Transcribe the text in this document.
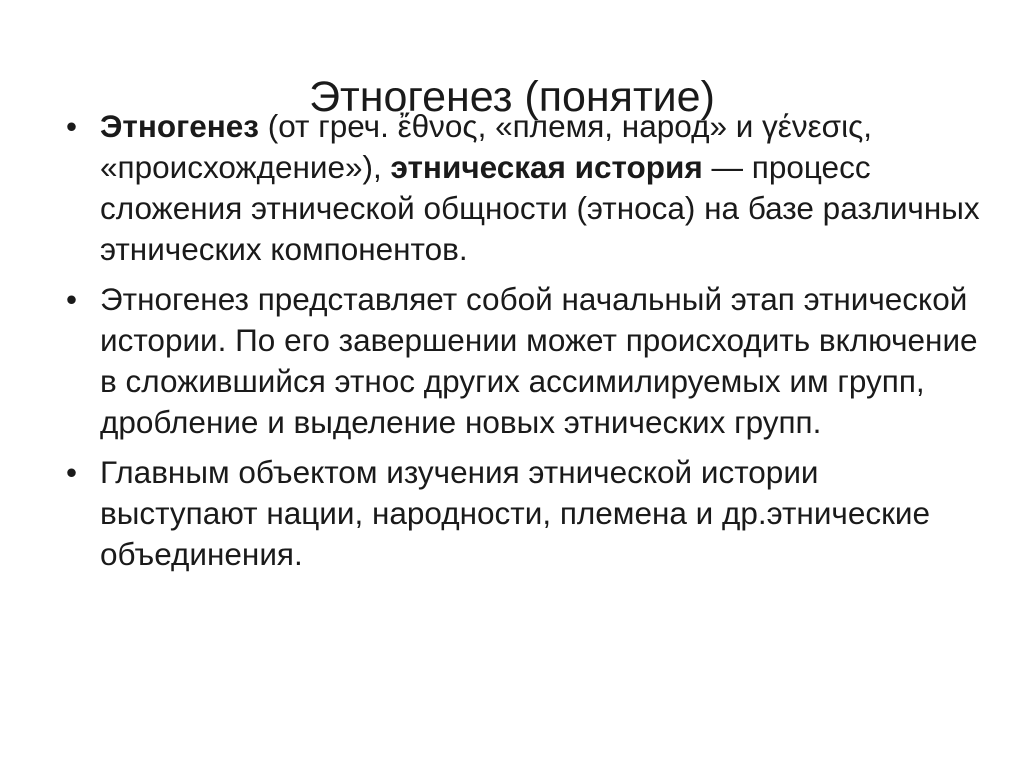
Этногенез (понятие)
• Этногенез (от греч. ἔθνος, «племя, народ» и γένεσις, «происхождение»), этническая история — процесс сложения этнической общности (этноса) на базе различных этнических компонентов.
• Этногенез представляет собой начальный этап этнической истории. По его завершении может происходить включение в сложившийся этнос других ассимилируемых им групп, дробление и выделение новых этнических групп.
• Главным объектом изучения этнической истории выступают нации, народности, племена и др.этнические объединения.
